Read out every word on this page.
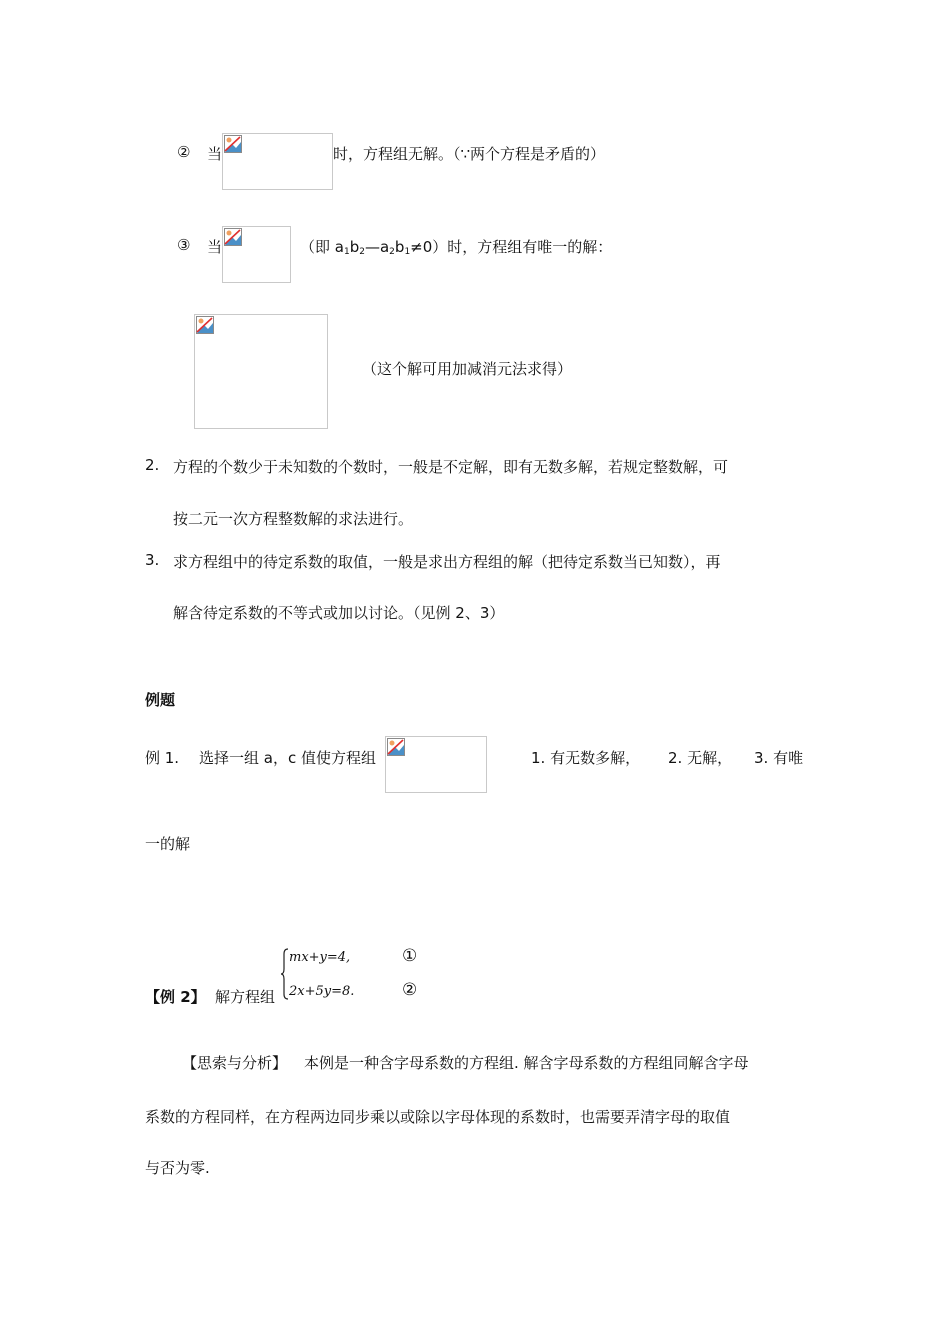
② 当	时，方程组无解。（∵两个方程是矛盾的）
③ 当	（即 $a_1b_2—a_2b_1\ne 0$）时，方程组有唯一的解：
（这个解可用加减消元法求得）
2. 方程的个数少于未知数的个数时，一般是不定解，即有无数多解，若规定整数解，可
按二元一次方程整数解的求法进行。
3. 求方程组中的待定系数的取值，一般是求出方程组的解（把待定系数当已知数），再
解含待定系数的不等式或加以讨论。（见例 2、3）
例题
例 1. 选择一组 a，c 值使方程组	1. 有无数多解， 2. 无解， 3. 有唯
一的解
【例 2】 解方程组
mx+y=4,
2x+5y=8.
①
②
【思索与分析】 本例是一种含字母系数的方程组. 解含字母系数的方程组同解含字母
系数的方程同样，在方程两边同步乘以或除以字母体现的系数时，也需要弄清字母的取值
与否为零.
